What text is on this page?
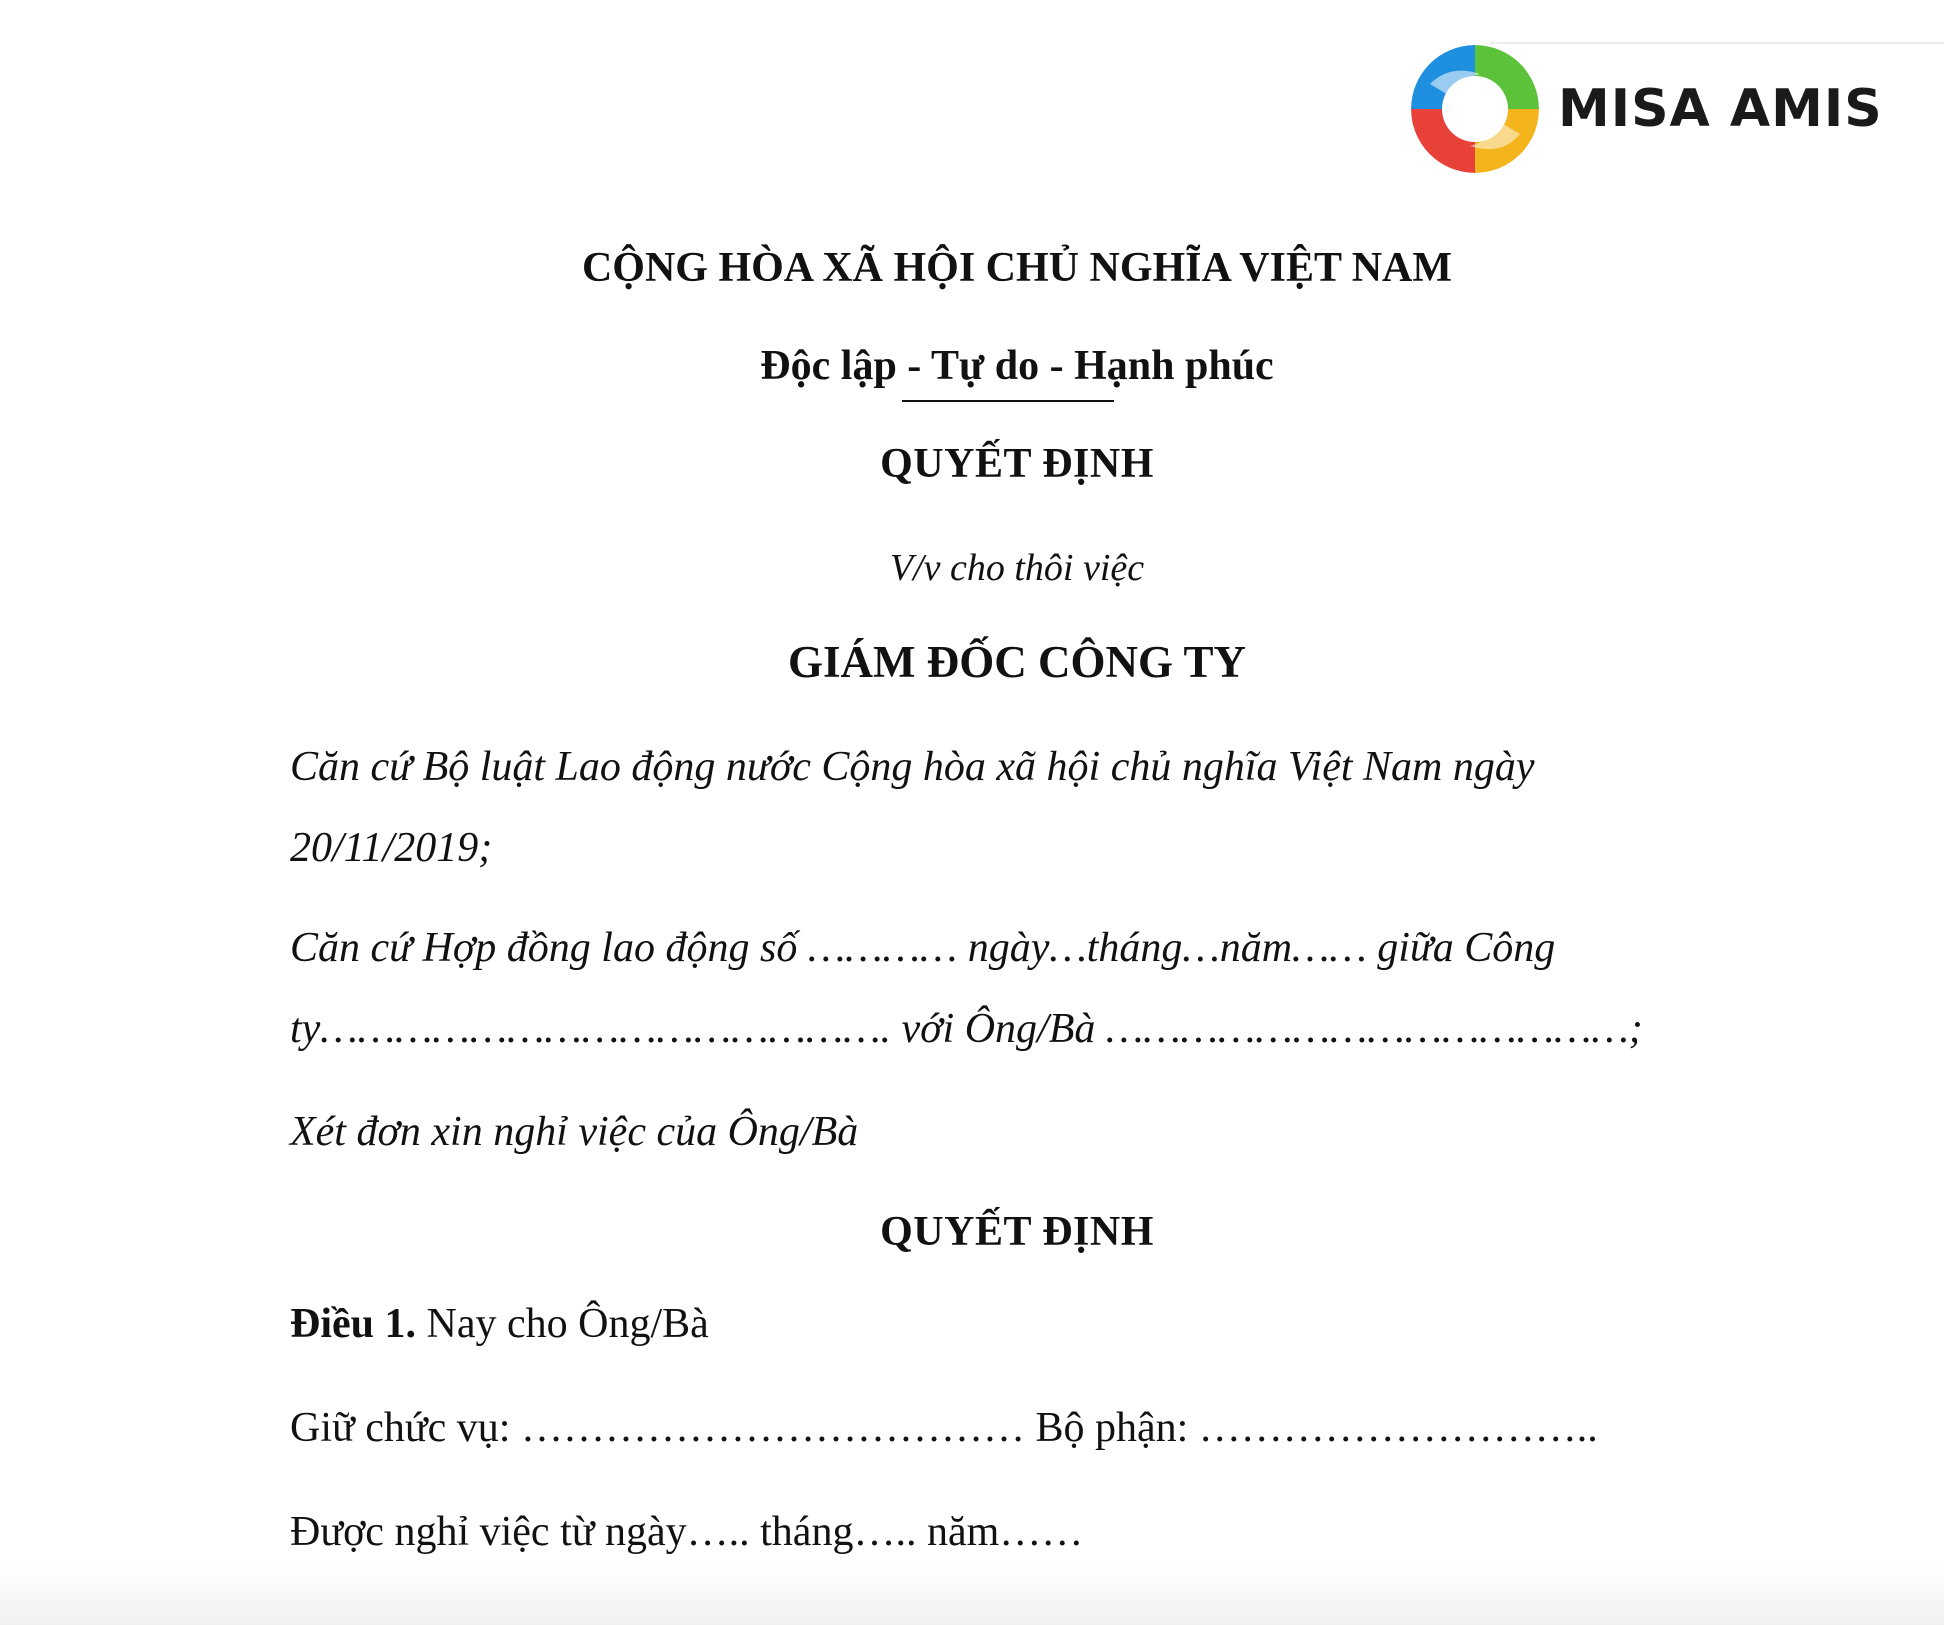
MISA AMIS
CỘNG HÒA XÃ HỘI CHỦ NGHĨA VIỆT NAM
Độc lập - Tự do - Hạnh phúc
QUYẾT ĐỊNH
V/v cho thôi việc
GIÁM ĐỐC CÔNG TY
Căn cứ Bộ luật Lao động nước Cộng hòa xã hội chủ nghĩa Việt Nam ngày 20/11/2019;
Căn cứ Hợp đồng lao động số ………… ngày…tháng…năm…… giữa Công
ty………………………………………. với Ông/Bà ……………………………………;
Xét đơn xin nghỉ việc của Ông/Bà
QUYẾT ĐỊNH
Điều 1. Nay cho Ông/Bà
Giữ chức vụ: ……………………………… Bộ phận: ………………………..
Được nghỉ việc từ ngày….. tháng….. năm……
